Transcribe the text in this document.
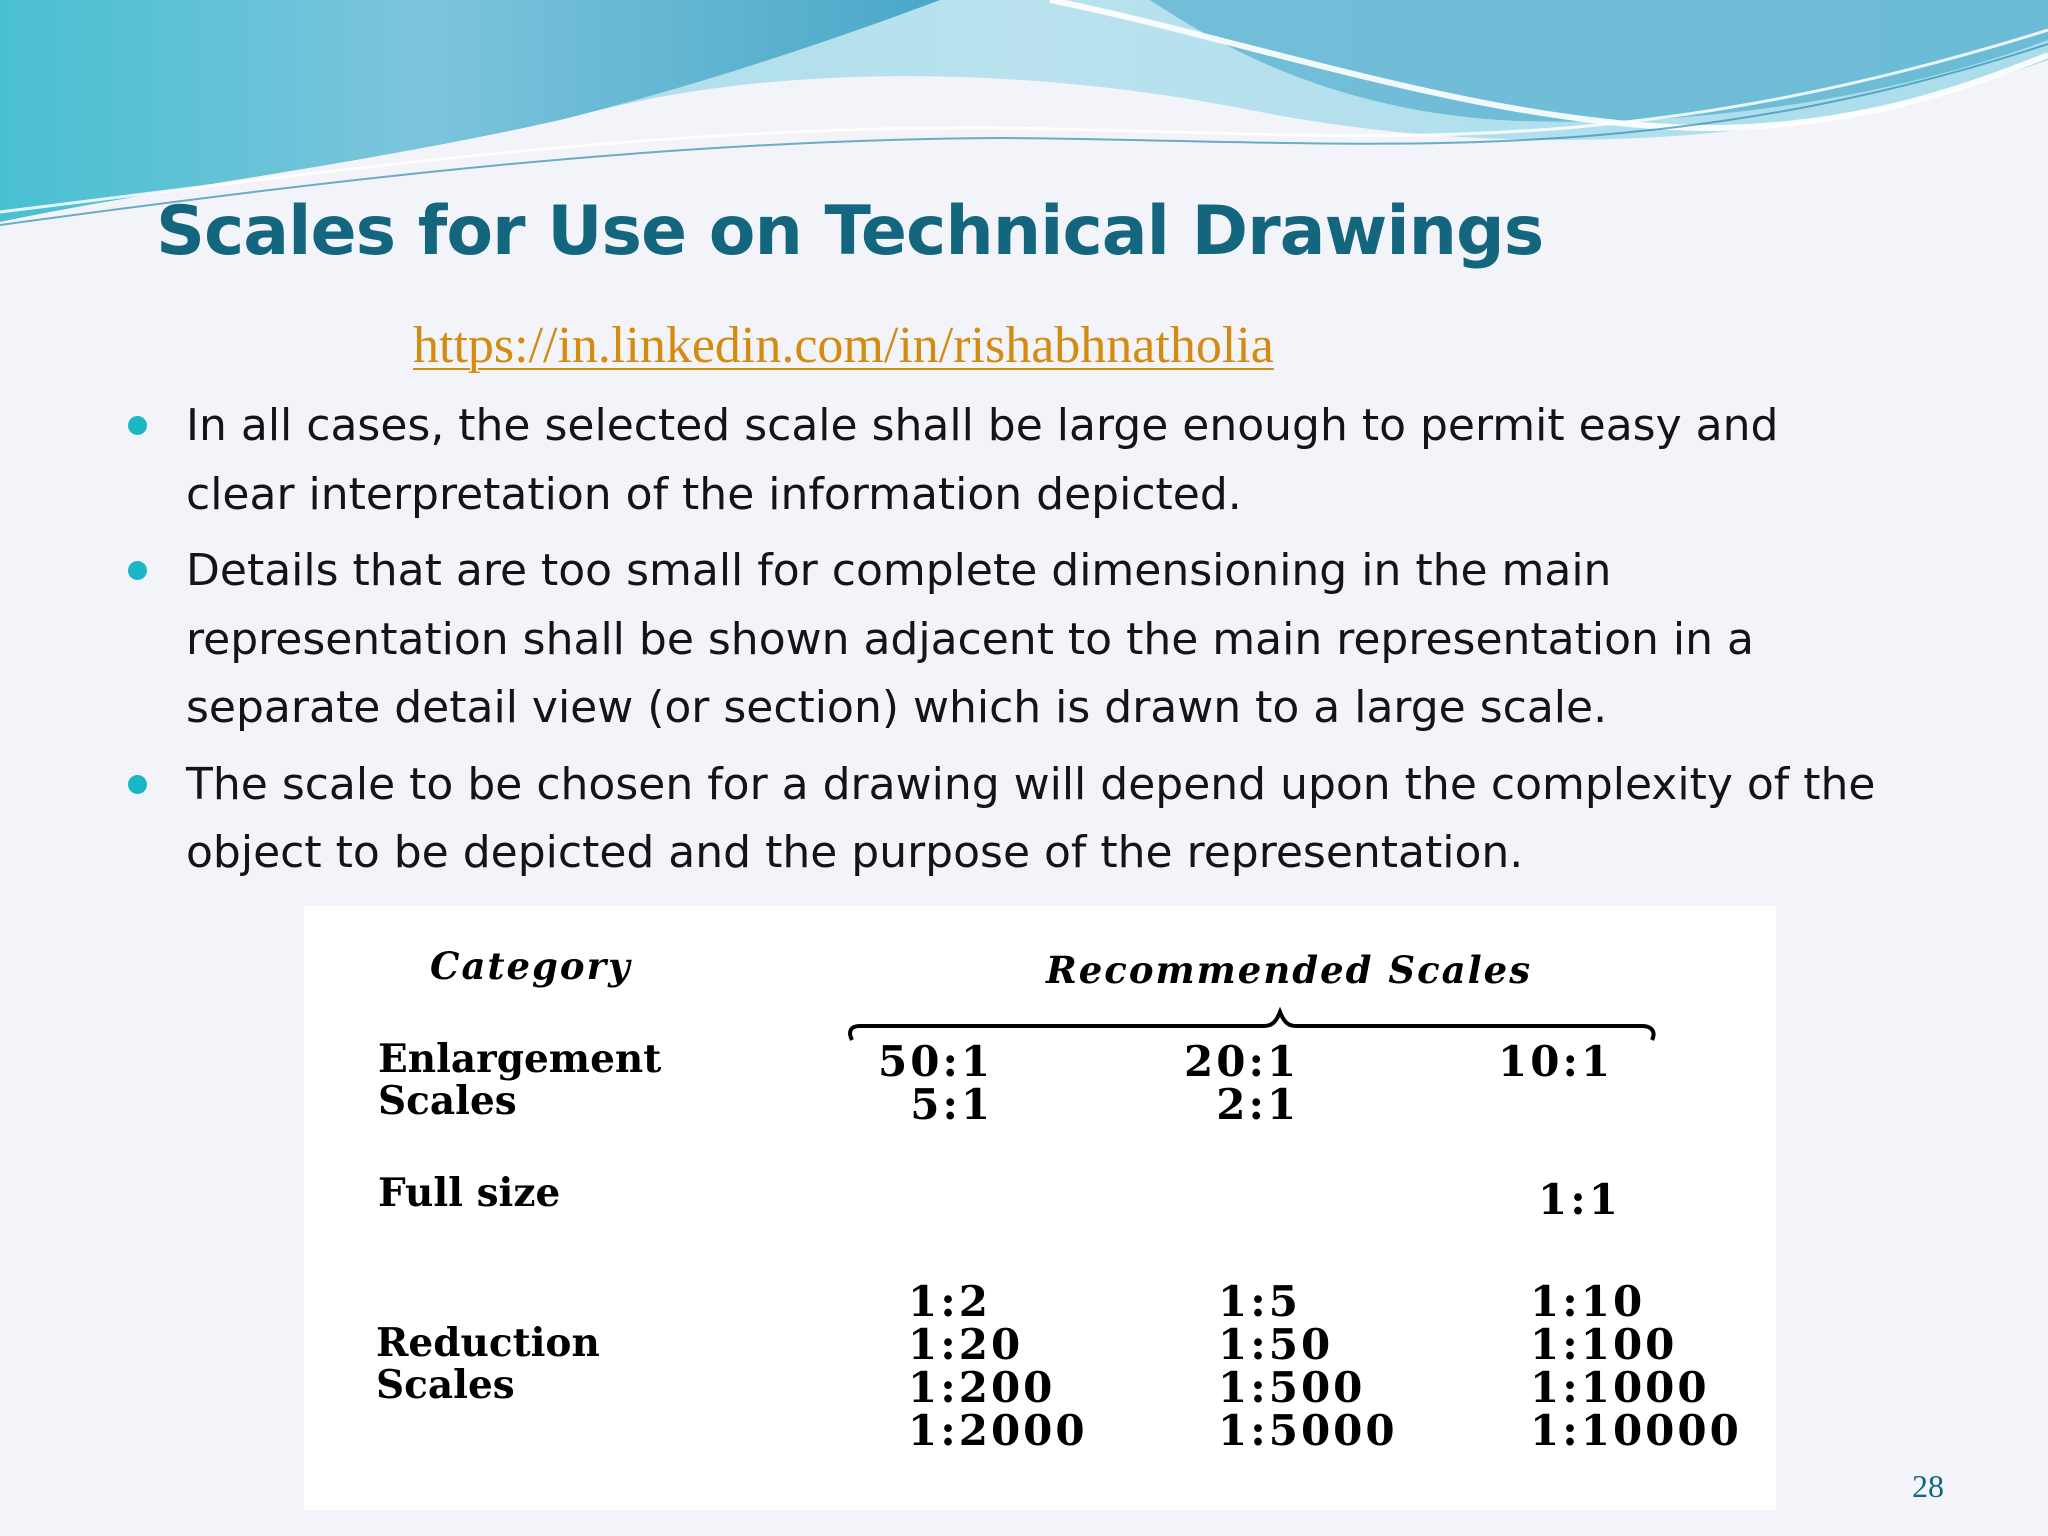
Scales for Use on Technical Drawings
https://in.linkedin.com/in/rishabhnatholia
In all cases, the selected scale shall be large enough to permit easy and clear interpretation of the information depicted.
Details that are too small for complete dimensioning in the main representation shall be shown adjacent to the main representation in a separate detail view (or section) which is drawn to a large scale.
The scale to be chosen for a drawing will depend upon the complexity of the object to be depicted and the purpose of the representation.
Category	Recommended Scales
Enlargement
Scales
50:1
5:1
20:1
2:1
10:1
Full size	1:1
Reduction
Scales
1:2
1:20
1:200
1:2000
1:5
1:50
1:500
1:5000
1:10
1:100
1:1000
1:10000
28
